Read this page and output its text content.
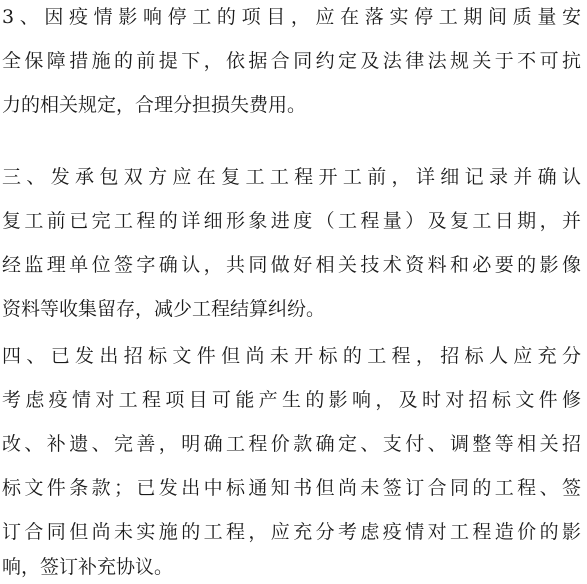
3、因疫情影响停工的项目，应在落实停工期间质量安
全保障措施的前提下，依据合同约定及法律法规关于不可抗
力的相关规定，合理分担损失费用。
三、发承包双方应在复工工程开工前，详细记录并确认
复工前已完工程的详细形象进度（工程量）及复工日期，并
经监理单位签字确认，共同做好相关技术资料和必要的影像
资料等收集留存，减少工程结算纠纷。
四、已发出招标文件但尚未开标的工程，招标人应充分
考虑疫情对工程项目可能产生的影响，及时对招标文件修
改、补遗、完善，明确工程价款确定、支付、调整等相关招
标文件条款；已发出中标通知书但尚未签订合同的工程、签
订合同但尚未实施的工程，应充分考虑疫情对工程造价的影
响，签订补充协议。
